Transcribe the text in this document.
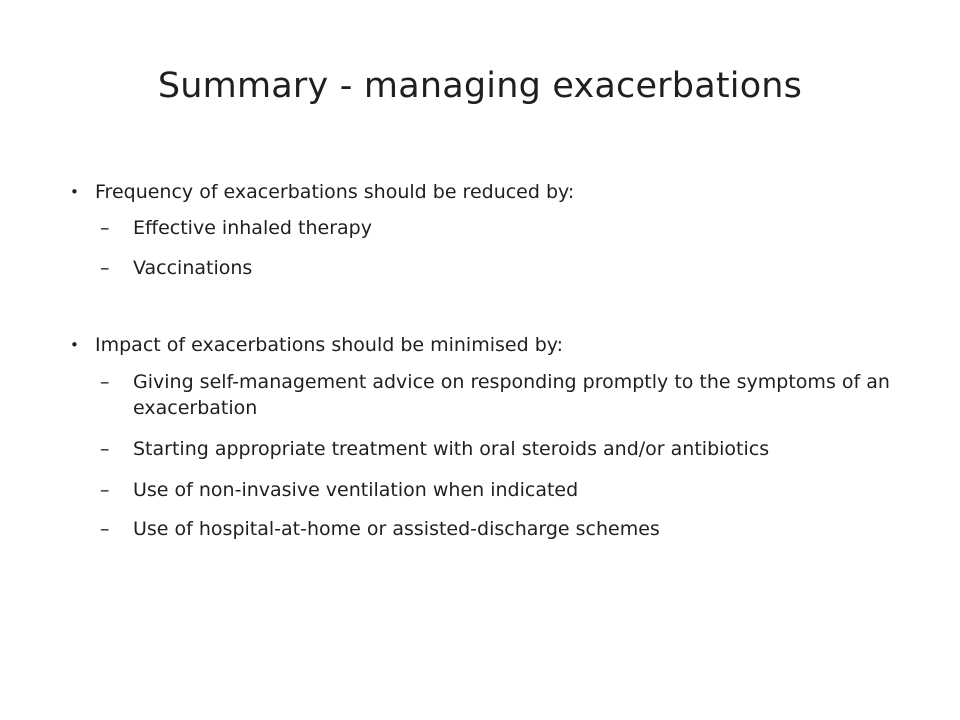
Summary - managing exacerbations
• Frequency of exacerbations should be reduced by:
– Effective inhaled therapy
– Vaccinations
• Impact of exacerbations should be minimised by:
– Giving self-management advice on responding promptly to the symptoms of an exacerbation
– Starting appropriate treatment with oral steroids and/or antibiotics
– Use of non-invasive ventilation when indicated
– Use of hospital-at-home or assisted-discharge schemes
